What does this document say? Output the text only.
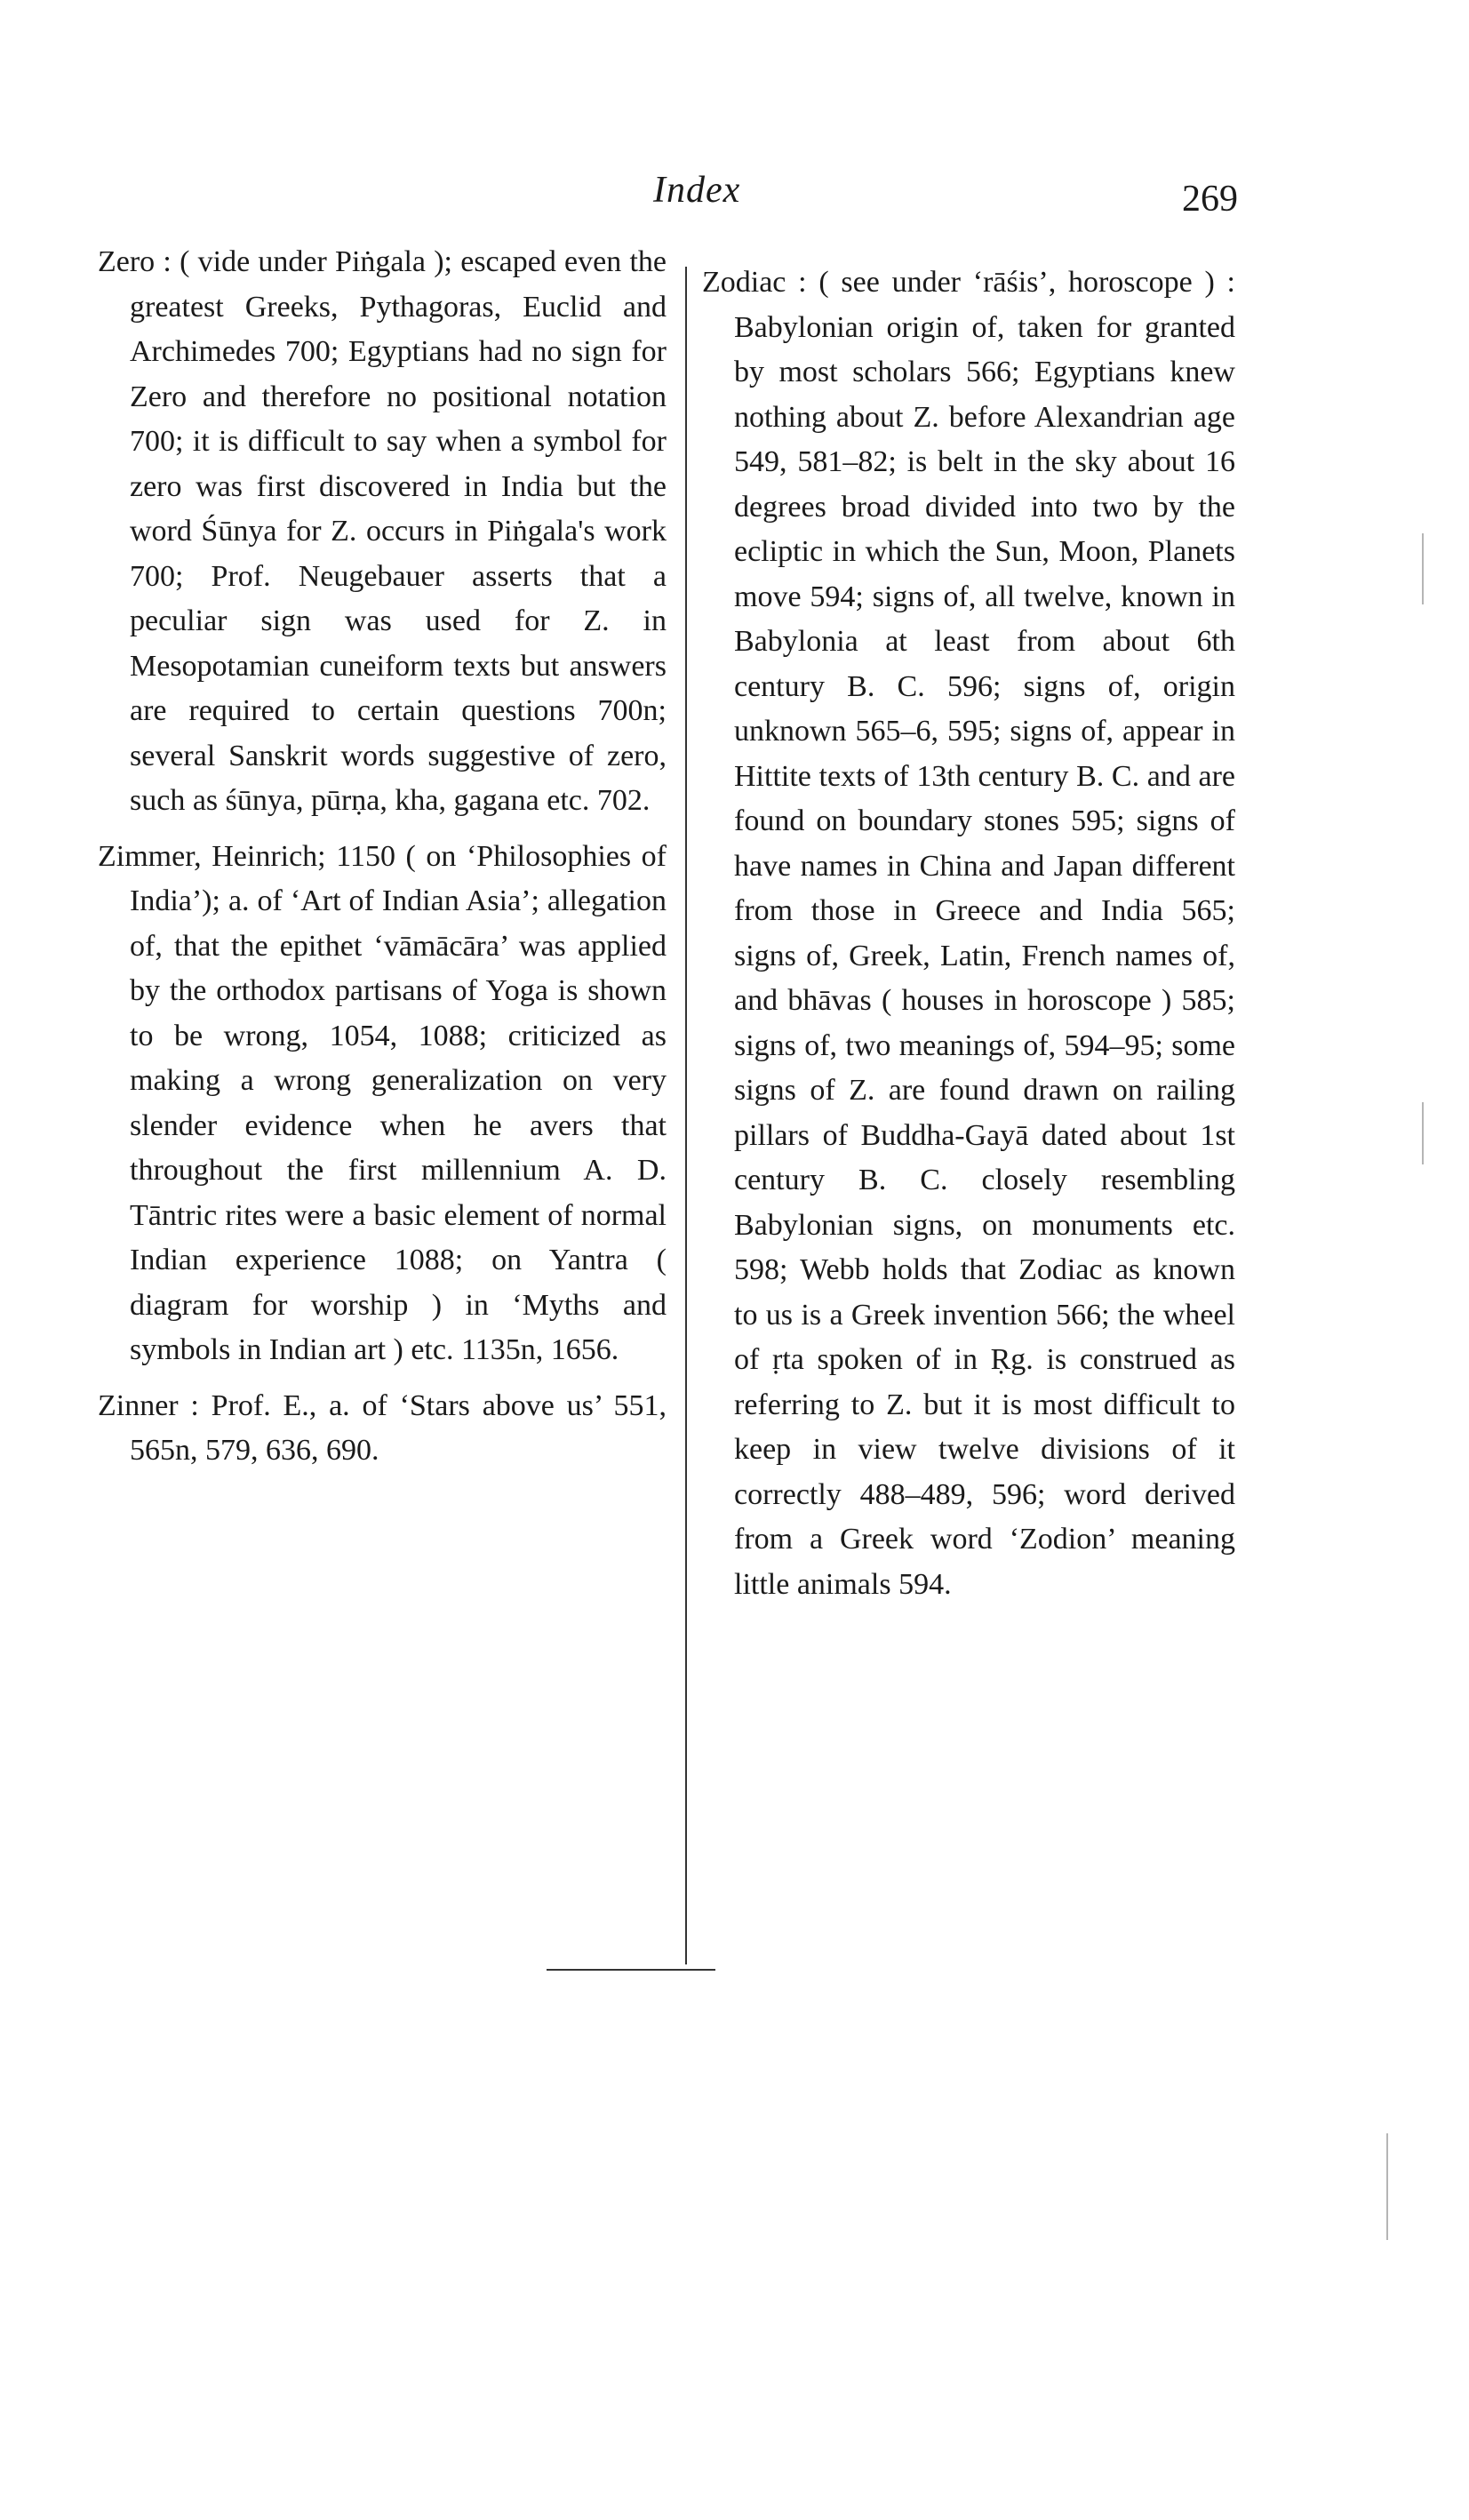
Index	269

Zero : ( vide under Piṅgala ); escaped even the greatest Greeks, Pythagoras, Euclid and Archimedes 700; Egyptians had no sign for Zero and therefore no positional notation 700; it is difficult to say when a symbol for zero was first discovered in India but the word Śūnya for Z. occurs in Piṅgala's work 700; Prof. Neugebauer asserts that a peculiar sign was used for Z. in Mesopotamian cuneiform texts but answers are required to certain questions 700n; several Sanskrit words suggestive of zero, such as śūnya, pūrṇa, kha, gagana etc. 702.

Zimmer, Heinrich; 1150 ( on ‘Philosophies of India’); a. of ‘Art of Indian Asia’; allegation of, that the epithet ‘vāmācāra’ was applied by the orthodox partisans of Yoga is shown to be wrong, 1054, 1088; criticized as making a wrong generalization on very slender evidence when he avers that throughout the first millennium A. D. Tāntric rites were a basic element of normal Indian experience 1088; on Yantra ( diagram for worship ) in ‘Myths and symbols in Indian art ) etc. 1135n, 1656.

Zinner : Prof. E., a. of ‘Stars above us’ 551, 565n, 579, 636, 690.

Zodiac : ( see under ‘rāśis’, horoscope ) : Babylonian origin of, taken for granted by most scholars 566; Egyptians knew nothing about Z. before Alexandrian age 549, 581–82; is belt in the sky about 16 degrees broad divided into two by the ecliptic in which the Sun, Moon, Planets move 594; signs of, all twelve, known in Babylonia at least from about 6th century B. C. 596; signs of, origin unknown 565–6, 595; signs of, appear in Hittite texts of 13th century B. C. and are found on boundary stones 595; signs of have names in China and Japan different from those in Greece and India 565; signs of, Greek, Latin, French names of, and bhāvas ( houses in horoscope ) 585; signs of, two meanings of, 594–95; some signs of Z. are found drawn on railing pillars of Buddha-Gayā dated about 1st century B. C. closely resembling Babylonian signs, on monuments etc. 598; Webb holds that Zodiac as known to us is a Greek invention 566; the wheel of ṛta spoken of in Ṛg. is construed as referring to Z. but it is most difficult to keep in view twelve divisions of it correctly 488–489, 596; word derived from a Greek word ‘Zodion’ meaning little animals 594.
